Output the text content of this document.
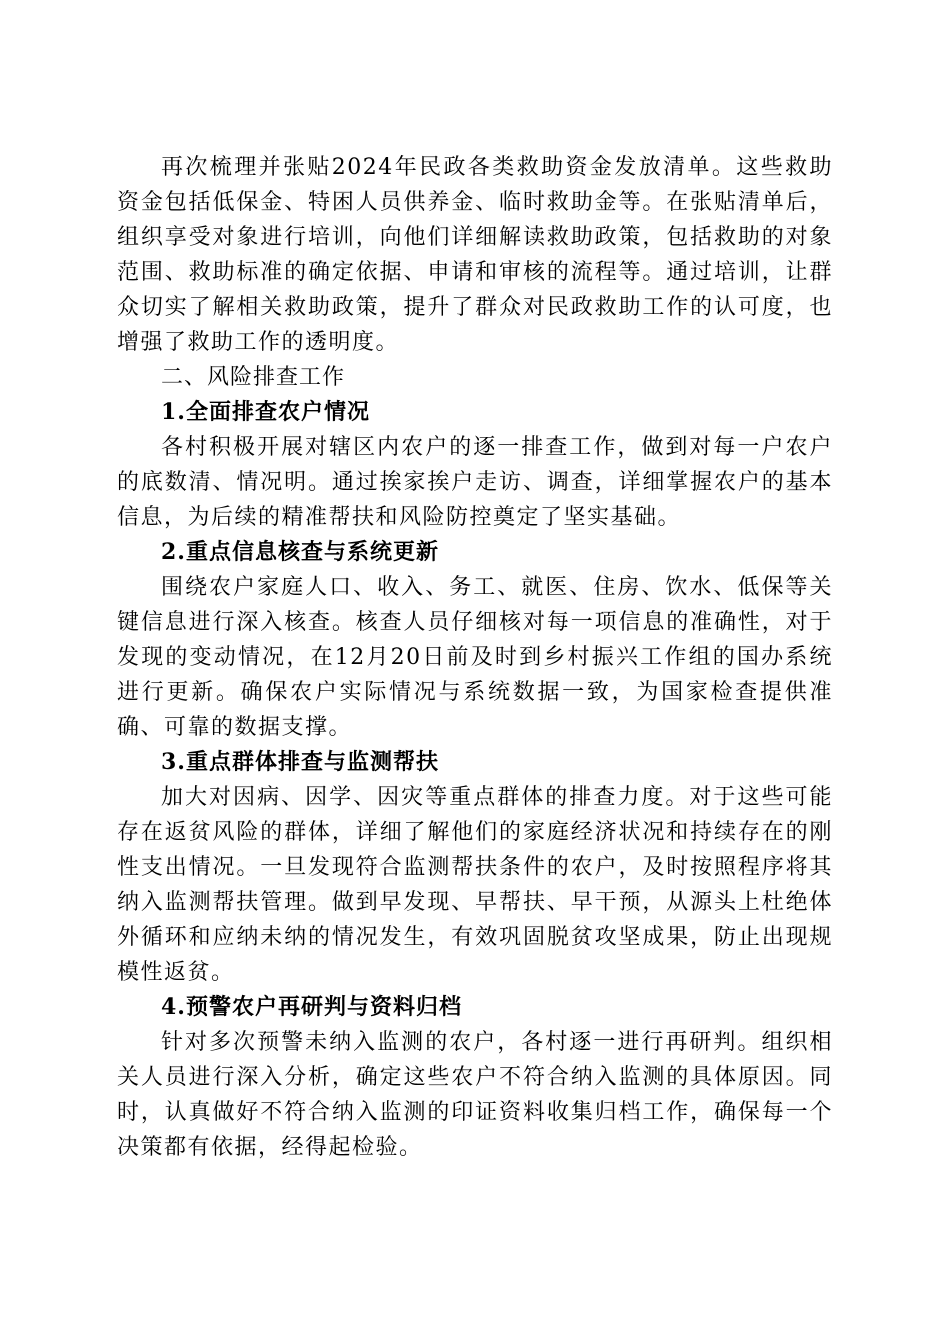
再次梳理并张贴2024年民政各类救助资金发放清单。这些救助资金包括低保金、特困人员供养金、临时救助金等。在张贴清单后，组织享受对象进行培训，向他们详细解读救助政策，包括救助的对象范围、救助标准的确定依据、申请和审核的流程等。通过培训，让群众切实了解相关救助政策，提升了群众对民政救助工作的认可度，也增强了救助工作的透明度。

二、风险排查工作

1.全面排查农户情况

各村积极开展对辖区内农户的逐一排查工作，做到对每一户农户的底数清、情况明。通过挨家挨户走访、调查，详细掌握农户的基本信息，为后续的精准帮扶和风险防控奠定了坚实基础。

2.重点信息核查与系统更新

围绕农户家庭人口、收入、务工、就医、住房、饮水、低保等关键信息进行深入核查。核查人员仔细核对每一项信息的准确性，对于发现的变动情况，在12月20日前及时到乡村振兴工作组的国办系统进行更新。确保农户实际情况与系统数据一致，为国家检查提供准确、可靠的数据支撑。

3.重点群体排查与监测帮扶

加大对因病、因学、因灾等重点群体的排查力度。对于这些可能存在返贫风险的群体，详细了解他们的家庭经济状况和持续存在的刚性支出情况。一旦发现符合监测帮扶条件的农户，及时按照程序将其纳入监测帮扶管理。做到早发现、早帮扶、早干预，从源头上杜绝体外循环和应纳未纳的情况发生，有效巩固脱贫攻坚成果，防止出现规模性返贫。

4.预警农户再研判与资料归档

针对多次预警未纳入监测的农户，各村逐一进行再研判。组织相关人员进行深入分析，确定这些农户不符合纳入监测的具体原因。同时，认真做好不符合纳入监测的印证资料收集归档工作，确保每一个决策都有依据，经得起检验。
